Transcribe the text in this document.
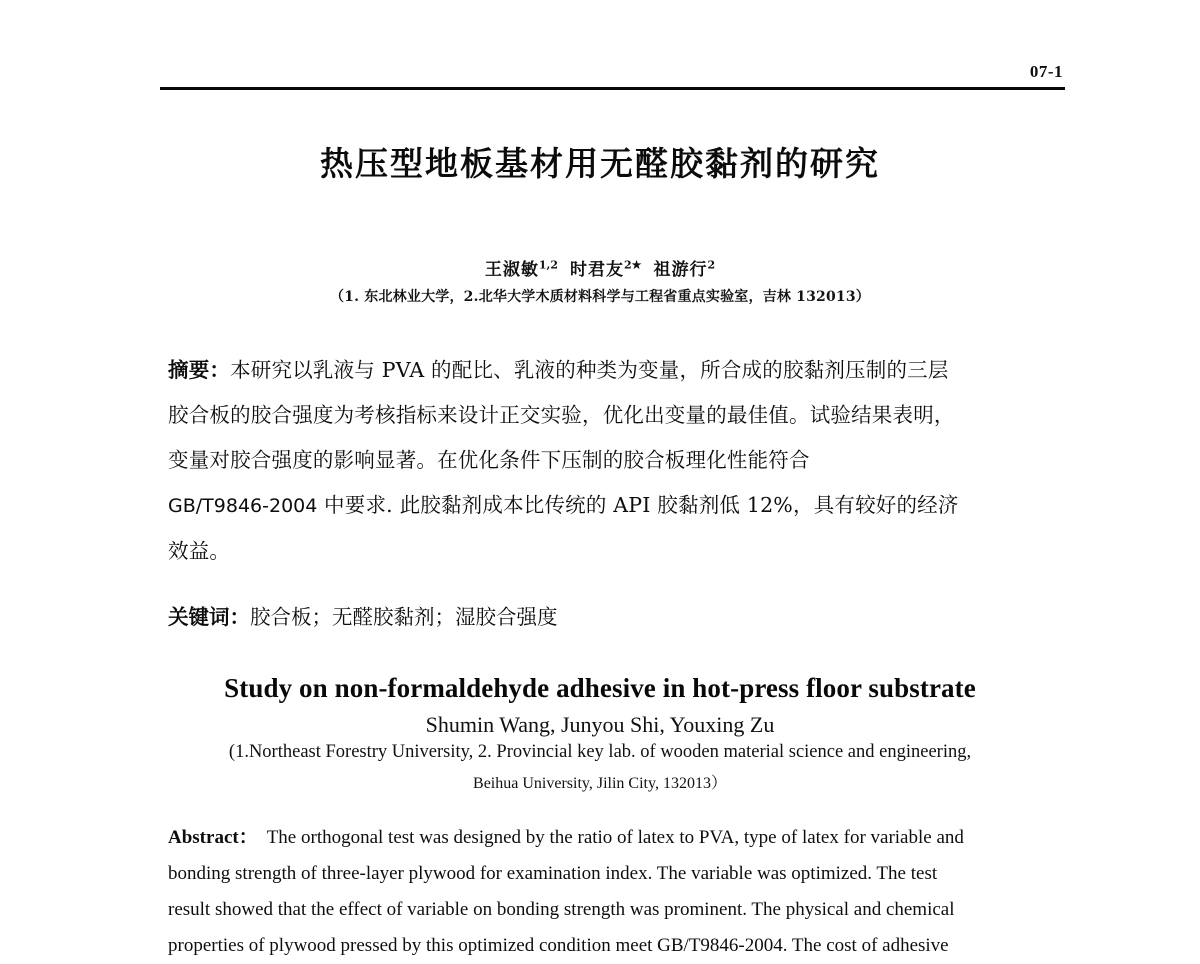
07-1
热压型地板基材用无醛胶黏剂的研究
王淑敏$^{1,2}$ 时君友$^{2★}$ 祖游行$^2$
（1. 东北林业大学，2.北华大学木质材料科学与工程省重点实验室，吉林 132013）
摘要：本研究以乳液与 PVA 的配比、乳液的种类为变量，所合成的胶黏剂压制的三层
胶合板的胶合强度为考核指标来设计正交实验，优化出变量的最佳值。试验结果表明，
变量对胶合强度的影响显著。在优化条件下压制的胶合板理化性能符合
GB/T9846-2004 中要求. 此胶黏剂成本比传统的 API 胶黏剂低 12%，具有较好的经济
效益。
关键词：胶合板；无醛胶黏剂；湿胶合强度
Study on non-formaldehyde adhesive in hot-press floor substrate
Shumin Wang, Junyou Shi, Youxing Zu
(1.Northeast Forestry University, 2. Provincial key lab. of wooden material science and engineering,
Beihua University, Jilin City, 132013）
Abstract： The orthogonal test was designed by the ratio of latex to PVA, type of latex for variable and
bonding strength of three-layer plywood for examination index. The variable was optimized. The test
result showed that the effect of variable on bonding strength was prominent. The physical and chemical
properties of plywood pressed by this optimized condition meet GB/T9846-2004. The cost of adhesive
